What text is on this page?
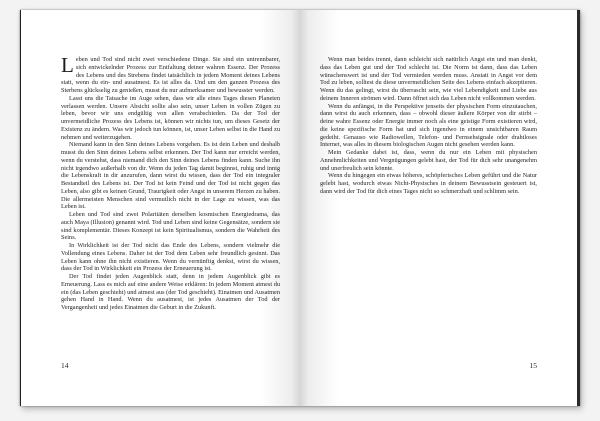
Leben und Tod sind nicht zwei verschiedene Dinge. Sie sind ein untrennbarer, sich entwickelnder Prozess zur Entfaltung deiner wahren Essenz. Der Prozess des Lebens und des Strebens findet tatsächlich in jedem Moment deines Lebens statt, wenn du ein- und ausatmest. Es ist alles da. Und um den ganzen Prozess des Sterbens glückselig zu genießen, musst du nur aufmerksamer und bewusster werden.

Lasst uns die Tatsache im Auge sehen, dass wir alle eines Tages diesen Planeten verlassen werden. Unsere Absicht sollte also sein, unser Leben in vollen Zügen zu leben, bevor wir uns endgültig von allen verabschieden. Da der Tod der unvermeidliche Prozess des Lebens ist, können wir nichts tun, um dieses Gesetz der Existenz zu ändern. Was wir jedoch tun können, ist, unser Leben selbst in die Hand zu nehmen und weiterzugehen.

Niemand kann in den Sinn deines Lebens vorgehen. Es ist dein Leben und deshalb musst du den Sinn deines Lebens selbst erkennen. Der Tod kann nur erreicht werden, wenn du verstehst, dass niemand dich den Sinn deines Lebens finden kann. Suche ihn nicht irgendwo außerhalb von dir. Wenn du jeden Tag damit beginnst, ruhig und innig die Lebenskraft in dir anzurufen, dann wirst du wissen, dass der Tod ein integraler Bestandteil des Lebens ist. Der Tod ist kein Feind und der Tod ist nicht gegen das Leben, also gibt es keinen Grund, Traurigkeit oder Angst in unserem Herzen zu haben. Die allermeisten Menschen sind vermutlich nicht in der Lage zu wissen, was das Leben ist.

Leben und Tod sind zwei Polaritäten derselben kosmischen Energiedrama, das auch Maya (Illusion) genannt wird. Tod und Leben sind keine Gegensätze, sondern sie sind komplementär. Dieses Konzept ist kein Spiritualismus, sondern die Wahrheit des Seins.

In Wirklichkeit ist der Tod nicht das Ende des Lebens, sondern vielmehr die Vollendung eines Lebens. Daher ist der Tod dem Leben sehr freundlich gesinnt. Das Leben kann ohne ihn nicht existieren. Wenn du vernünftig denkst, wirst du wissen, dass der Tod in Wirklichkeit ein Prozess der Erneuerung ist.

Der Tod findet jeden Augenblick statt, denn in jedem Augenblick gibt es Erneuerung. Lass es mich auf eine andere Weise erklären: In jedem Moment atmest du ein (das Leben geschieht) und atmest aus (der Tod geschieht). Einatmen und Ausatmen gehen Hand in Hand. Wenn du ausatmest, ist jedes Ausatmen der Tod der Vergangenheit und jedes Einatmen die Geburt in die Zukunft.

14

Wenn man beides trennt, dann schleicht sich natürlich Angst ein und man denkt, dass das Leben gut und der Tod schlecht ist. Die Norm ist dann, dass das Leben wünschenswert ist und der Tod vermieden werden muss. Anstatt in Angst vor dem Tod zu leben, solltest du diese unvermeidlichen Seite des Lebens einfach akzeptieren. Wenn du das gelingt, wirst du überrascht sein, wie viel Lebendigkeit und Liebe aus deinem Inneren strömen wird. Dann öffnet sich das Leben nicht vollkommen werden.

Wenn du anfängst, in die Perspektive jenseits der physischen Form einzutauchen, dann wirst du auch erkennen, dass – obwohl dieser äußere Körper von dir stirbt – deine wahre Essenz oder Energie immer noch als eine geistige Form existieren wird, die keine spezifische Form hat und sich irgendwo in einem unsichtbaren Raum gedeiht. Genauso wie Radiowellen, Telefon- und Fernsehsignale oder drahtloses Internet, was alles in diesem biologischen Augen nicht gesehen werden kann.

Mein Gedanke dabei ist, dass, wenn du nur ein Leben mit physischen Annehmlichkeiten und Vergnügungen gelebt hast, der Tod für dich sehr unangenehm und unerfreulich sein könnte.

Wenn du hingegen ein etwas höheres, schöpferisches Leben geführt und die Natur gelebt hast, wodurch etwas Nicht-Physisches in deinem Bewusstsein gesteuert ist, dann wird der Tod für dich eines Tages nicht so schmerzhaft und schlimm sein.

15
